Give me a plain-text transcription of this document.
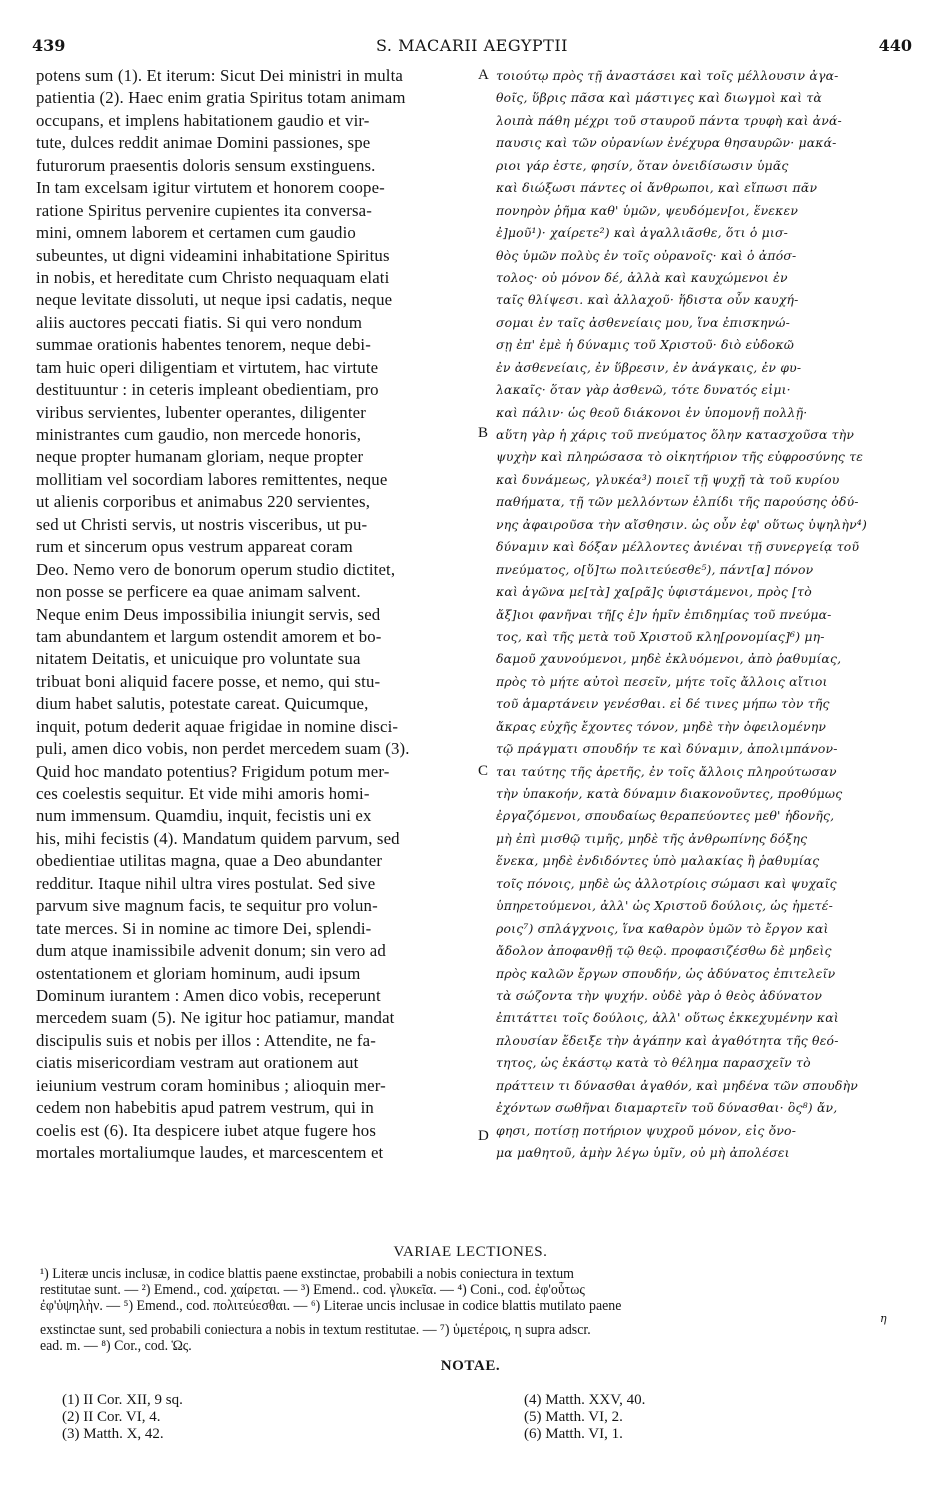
S. MACARII AEGYPTII
439	440
potens sum (1). Et iterum: Sicut Dei ministri in multa
patientia (2). Haec enim gratia Spiritus totam animam
occupans, et implens habitationem gaudio et vir-
tute, dulces reddit animae Domini passiones, spe
futurorum praesentis doloris sensum exstinguens.
In tam excelsam igitur virtutem et honorem coope-
ratione Spiritus pervenire cupientes ita conversa-
mini, omnem laborem et certamen cum gaudio
subeuntes, ut digni videamini inhabitatione Spiritus
in nobis, et hereditate cum Christo nequaquam elati
neque levitate dissoluti, ut neque ipsi cadatis, neque
aliis auctores peccati fiatis. Si qui vero nondum
summae orationis habentes tenorem, neque debi-
tam huic operi diligentiam et virtutem, hac virtute
destituuntur : in ceteris impleant obedientiam, pro
viribus servientes, lubenter operantes, diligenter
ministrantes cum gaudio, non mercede honoris,
neque propter humanam gloriam, neque propter
mollitiam vel socordiam labores remittentes, neque
ut alienis corporibus et animabus 220 servientes,
sed ut Christi servis, ut nostris visceribus, ut pu-
rum et sincerum opus vestrum appareat coram
Deo. Nemo vero de bonorum operum studio dictitet,
non posse se perficere ea quae animam salvent.
Neque enim Deus impossibilia iniungit servis, sed
tam abundantem et largum ostendit amorem et bo-
nitatem Deitatis, et unicuique pro voluntate sua
tribuat boni aliquid facere posse, et nemo, qui stu-
dium habet salutis, potestate careat. Quicumque,
inquit, potum dederit aquae frigidae in nomine disci-
puli, amen dico vobis, non perdet mercedem suam (3).
Quid hoc mandato potentius? Frigidum potum mer-
ces coelestis sequitur. Et vide mihi amoris homi-
num immensum. Quamdiu, inquit, fecistis uni ex
his, mihi fecistis (4). Mandatum quidem parvum, sed
obedientiae utilitas magna, quae a Deo abundanter
redditur. Itaque nihil ultra vires postulat. Sed sive
parvum sive magnum facis, te sequitur pro volun-
tate merces. Si in nomine ac timore Dei, splendi-
dum atque inamissibile advenit donum; sin vero ad
ostentationem et gloriam hominum, audi ipsum
Dominum iurantem : Amen dico vobis, receperunt
mercedem suam (5). Ne igitur hoc patiamur, mandat
discipulis suis et nobis per illos : Attendite, ne fa-
ciatis misericordiam vestram aut orationem aut
ieiunium vestrum coram hominibus ; alioquin mer-
cedem non habebitis apud patrem vestrum, qui in
coelis est (6). Ita despicere iubet atque fugere hos
mortales mortaliumque laudes, et marcescentem et
τοιούτῳ πρὸς τῇ ἀναστάσει καὶ τοῖς μέλλουσιν ἀγα-
θοῖς, ὕβρις πᾶσα καὶ μάστιγες καὶ διωγμοὶ καὶ τὰ
λοιπὰ πάθη μέχρι τοῦ σταυροῦ πάντα τρυφὴ καὶ ἀνά-
παυσις καὶ τῶν οὐρανίων ἐνέχυρα θησαυρῶν· μακά-
ριοι γάρ ἐστε, φησίν, ὅταν ὀνειδίσωσιν ὑμᾶς
καὶ διώξωσι πάντες οἱ ἄνθρωποι, καὶ εἴπωσι πᾶν
πονηρὸν ῥῆμα καθ' ὑμῶν, ψευδόμεν[οι, ἕνεκεν
ἐ]μοῦ¹)· χαίρετε²) καὶ ἀγαλλιᾶσθε, ὅτι ὁ μισ-
θὸς ὑμῶν πολὺς ἐν τοῖς οὐρανοῖς· καὶ ὁ ἀπόσ-
τολος· οὐ μόνον δέ, ἀλλὰ καὶ καυχώμενοι ἐν
ταῖς θλίψεσι. καὶ ἀλλαχοῦ· ἥδιστα οὖν καυχή-
σομαι ἐν ταῖς ἀσθενείαις μου, ἵνα ἐπισκηνώ-
σῃ ἐπ' ἐμὲ ἡ δύναμις τοῦ Χριστοῦ· διὸ εὐδοκῶ
ἐν ἀσθενείαις, ἐν ὕβρεσιν, ἐν ἀνάγκαις, ἐν φυ-
λακαῖς· ὅταν γὰρ ἀσθενῶ, τότε δυνατός εἰμι·
καὶ πάλιν· ὡς θεοῦ διάκονοι ἐν ὑπομονῇ πολλῇ·
αὕτη γὰρ ἡ χάρις τοῦ πνεύματος ὅλην κατασχοῦσα τὴν
ψυχὴν καὶ πληρώσασα τὸ οἰκητήριον τῆς εὐφροσύνης τε
καὶ δυνάμεως, γλυκέα³) ποιεῖ τῇ ψυχῇ τὰ τοῦ κυρίου
παθήματα, τῇ τῶν μελλόντων ἐλπίδι τῆς παρούσης ὀδύ-
νης ἀφαιροῦσα τὴν αἴσθησιν. ὡς οὖν ἐφ' οὕτως ὑψηλὴν⁴)
δύναμιν καὶ δόξαν μέλλοντες ἀνιέναι τῇ συνεργείᾳ τοῦ
πνεύματος, ο[ὕ]τω πολιτεύεσθε⁵), πάντ[α] πόνον
καὶ ἀγῶνα με[τὰ] χα[ρᾶ]ς ὑφιστάμενοι, πρὸς [τὸ
ἄξ]ιοι φανῆναι τῆ[ς ἐ]ν ἡμῖν ἐπιδημίας τοῦ πνεύμα-
τος, καὶ τῆς μετὰ τοῦ Χριστοῦ κλη[ρονομίας]⁶) μη-
δαμοῦ χαυνούμενοι, μηδὲ ἐκλυόμενοι, ἀπὸ ῥαθυμίας,
πρὸς τὸ μήτε αὐτοὶ πεσεῖν, μήτε τοῖς ἄλλοις αἴτιοι
τοῦ ἁμαρτάνειν γενέσθαι. εἰ δέ τινες μήπω τὸν τῆς
ἄκρας εὐχῆς ἔχοντες τόνον, μηδὲ τὴν ὀφειλομένην
τῷ πράγματι σπουδήν τε καὶ δύναμιν, ἀπολιμπάνον-
ται ταύτης τῆς ἀρετῆς, ἐν τοῖς ἄλλοις πληρούτωσαν
τὴν ὑπακοήν, κατὰ δύναμιν διακονοῦντες, προθύμως
ἐργαζόμενοι, σπουδαίως θεραπεύοντες μεθ' ἡδονῆς,
μὴ ἐπὶ μισθῷ τιμῆς, μηδὲ τῆς ἀνθρωπίνης δόξης
ἕνεκα, μηδὲ ἐνδιδόντες ὑπὸ μαλακίας ἢ ῥαθυμίας
τοῖς πόνοις, μηδὲ ὡς ἀλλοτρίοις σώμασι καὶ ψυχαῖς
ὑπηρετούμενοι, ἀλλ' ὡς Χριστοῦ δούλοις, ὡς ἡμετέ-
ροις⁷) σπλάγχνοις, ἵνα καθαρὸν ὑμῶν τὸ ἔργον καὶ
ἄδολον ἀποφανθῇ τῷ θεῷ. προφασιζέσθω δὲ μηδεὶς
πρὸς καλῶν ἔργων σπουδήν, ὡς ἀδύνατος ἐπιτελεῖν
τὰ σώζοντα τὴν ψυχήν. οὐδὲ γὰρ ὁ θεὸς ἀδύνατον
ἐπιτάττει τοῖς δούλοις, ἀλλ' οὕτως ἐκκεχυμένην καὶ
πλουσίαν ἔδειξε τὴν ἀγάπην καὶ ἀγαθότητα τῆς θεό-
τητος, ὡς ἑκάστῳ κατὰ τὸ θέλημα παρασχεῖν τὸ
πράττειν τι δύνασθαι ἀγαθόν, καὶ μηδένα τῶν σπουδὴν
ἐχόντων σωθῆναι διαμαρτεῖν τοῦ δύνασθαι· ὃς⁸) ἄν,
φησι, ποτίσῃ ποτήριον ψυχροῦ μόνον, εἰς ὄνο-
μα μαθητοῦ, ἀμὴν λέγω ὑμῖν, οὐ μὴ ἀπολέσει
A
B
C
D
VARIAE LECTIONES.
¹) Literæ uncis inclusæ, in codice blattis paene exstinctae, probabili a nobis coniectura in textum
restitutae sunt. — ²) Emend., cod. χαίρεται. — ³) Emend.. cod. γλυκεῖα. — ⁴) Coni., cod. ἐφ'οὗτως
ἐφ'ὑψηλὴν. — ⁵) Emend., cod. πολιτεύεσθαι. — ⁶) Literae uncis inclusae in codice blattis mutilato paene
η
exstinctae sunt, sed probabili coniectura a nobis in textum restitutae. — ⁷) ὑμετέροις, η supra adscr.
ead. m. — ⁸) Cor., cod. Ὡς.
NOTAE.
(1) II Cor. XII, 9 sq.
(2) II Cor. VI, 4.
(3) Matth. X, 42.
(4) Matth. XXV, 40.
(5) Matth. VI, 2.
(6) Matth. VI, 1.
